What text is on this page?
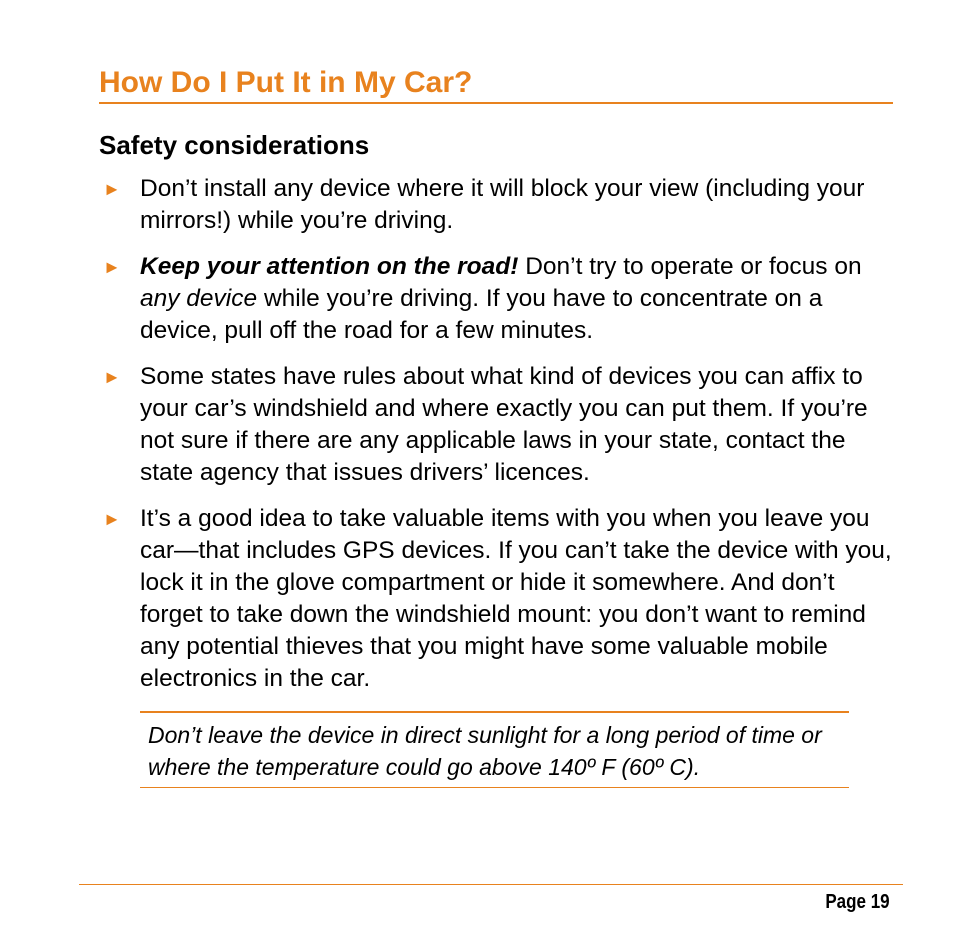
How Do I Put It in My Car?
Safety considerations
► Don’t install any device where it will block your view (including your mirrors!) while you’re driving.
► Keep your attention on the road! Don’t try to operate or focus on any device while you’re driving. If you have to concentrate on a device, pull off the road for a few minutes.
► Some states have rules about what kind of devices you can affix to your car’s windshield and where exactly you can put them. If you’re not sure if there are any applicable laws in your state, contact the state agency that issues drivers’ licences.
► It’s a good idea to take valuable items with you when you leave you car—that includes GPS devices. If you can’t take the device with you, lock it in the glove compartment or hide it somewhere. And don’t forget to take down the windshield mount: you don’t want to remind any potential thieves that you might have some valuable mobile electronics in the car.
Don’t leave the device in direct sunlight for a long period of time or where the temperature could go above 140º F (60º C).
Page 19
